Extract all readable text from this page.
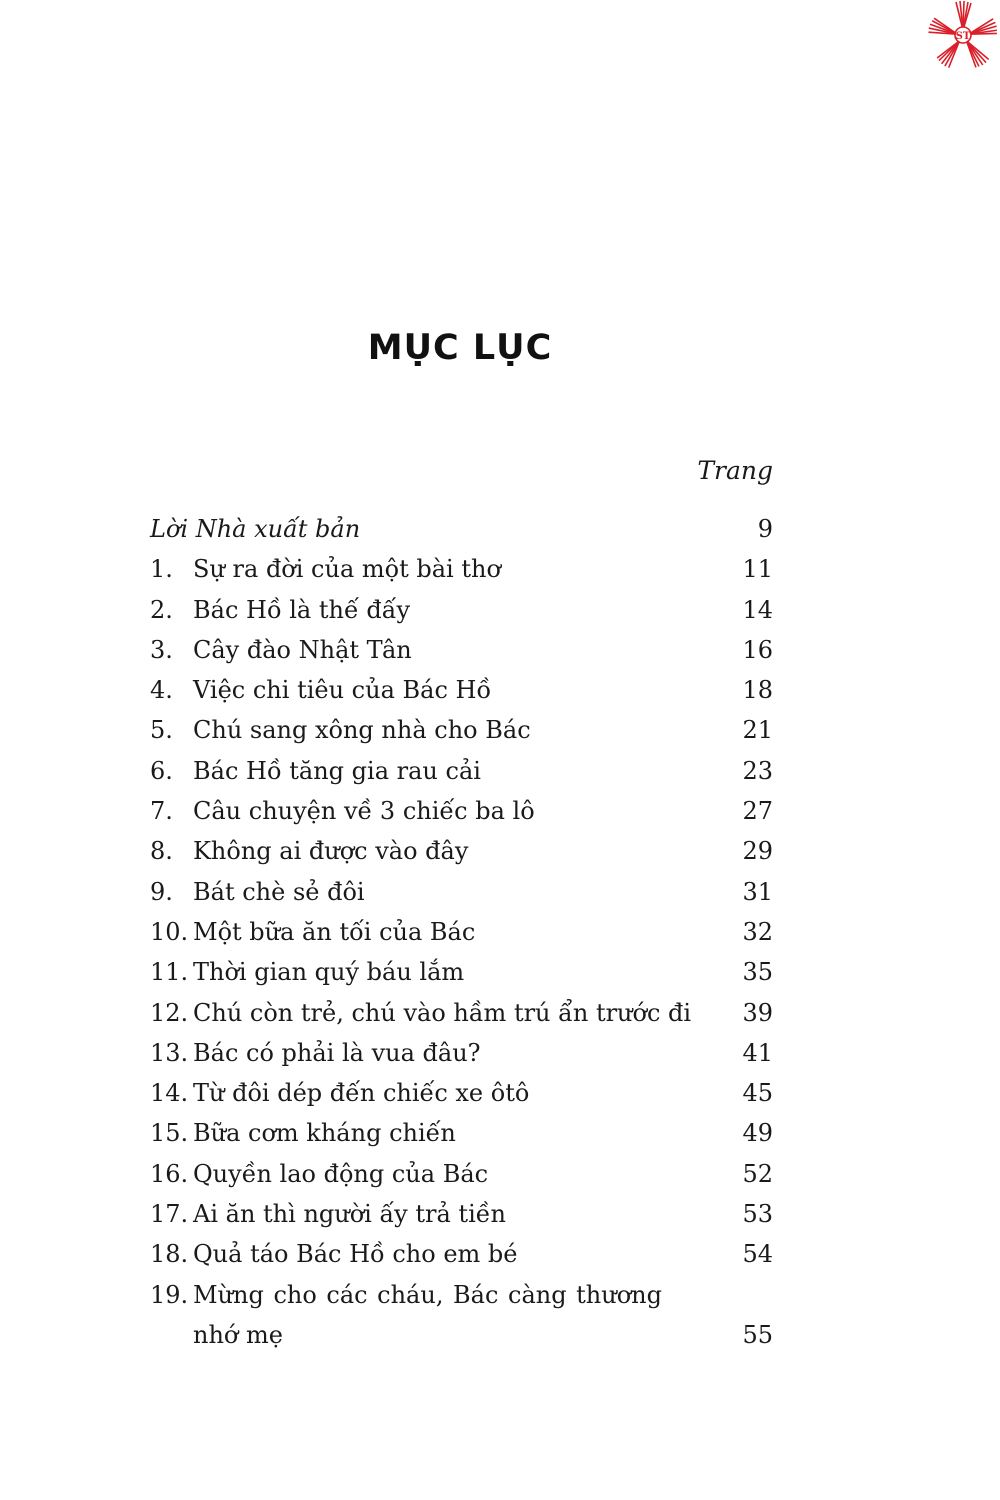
ST
MỤC LỤC
Trang
Lời Nhà xuất bản	9
1. Sự ra đời của một bài thơ	11
2. Bác Hồ là thế đấy	14
3. Cây đào Nhật Tân	16
4. Việc chi tiêu của Bác Hồ	18
5. Chú sang xông nhà cho Bác	21
6. Bác Hồ tăng gia rau cải	23
7. Câu chuyện về 3 chiếc ba lô	27
8. Không ai được vào đây	29
9. Bát chè sẻ đôi	31
10. Một bữa ăn tối của Bác	32
11. Thời gian quý báu lắm	35
12. Chú còn trẻ, chú vào hầm trú ẩn trước đi 39
13. Bác có phải là vua đâu?	41
14. Từ đôi dép đến chiếc xe ôtô	45
15. Bữa cơm kháng chiến	49
16. Quyền lao động của Bác	52
17. Ai ăn thì người ấy trả tiền	53
18. Quả táo Bác Hồ cho em bé	54
19. Mừng cho các cháu, Bác càng thương
nhớ mẹ	55
